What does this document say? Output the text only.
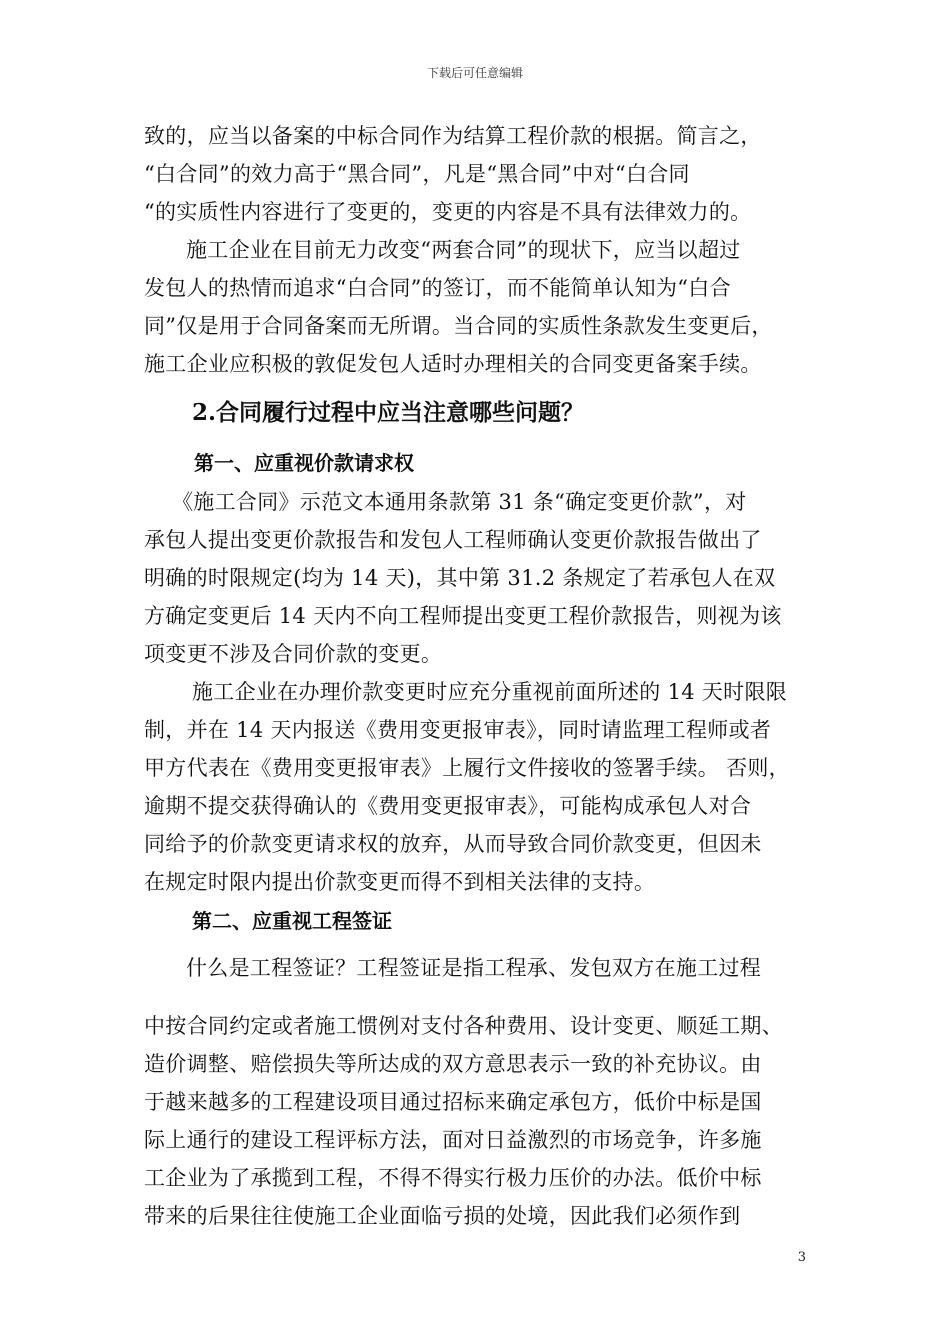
下载后可任意编辑
致的，应当以备案的中标合同作为结算工程价款的根据。简言之，
“白合同”的效力高于“黑合同”，凡是“黑合同”中对“白合同
“的实质性内容进行了变更的，变更的内容是不具有法律效力的。
施工企业在目前无力改变“两套合同”的现状下，应当以超过
发包人的热情而追求“白合同”的签订，而不能简单认知为“白合
同”仅是用于合同备案而无所谓。当合同的实质性条款发生变更后，
施工企业应积极的敦促发包人适时办理相关的合同变更备案手续。
2.合同履行过程中应当注意哪些问题？
第一、应重视价款请求权
《施工合同》示范文本通用条款第 31 条“确定变更价款”，对
承包人提出变更价款报告和发包人工程师确认变更价款报告做出了
明确的时限规定(均为 14 天)，其中第 31.2 条规定了若承包人在双
方确定变更后 14 天内不向工程师提出变更工程价款报告，则视为该
项变更不涉及合同价款的变更。
施工企业在办理价款变更时应充分重视前面所述的 14 天时限限
制，并在 14 天内报送《费用变更报审表》，同时请监理工程师或者
甲方代表在《费用变更报审表》上履行文件接收的签署手续。 否则，
逾期不提交获得确认的《费用变更报审表》，可能构成承包人对合
同给予的价款变更请求权的放弃，从而导致合同价款变更，但因未
在规定时限内提出价款变更而得不到相关法律的支持。
第二、应重视工程签证
什么是工程签证？工程签证是指工程承、发包双方在施工过程
中按合同约定或者施工惯例对支付各种费用、设计变更、顺延工期、
造价调整、赔偿损失等所达成的双方意思表示一致的补充协议。由
于越来越多的工程建设项目通过招标来确定承包方，低价中标是国
际上通行的建设工程评标方法，面对日益激烈的市场竞争，许多施
工企业为了承揽到工程，不得不得实行极力压价的办法。低价中标
带来的后果往往使施工企业面临亏损的处境，因此我们必须作到
3
